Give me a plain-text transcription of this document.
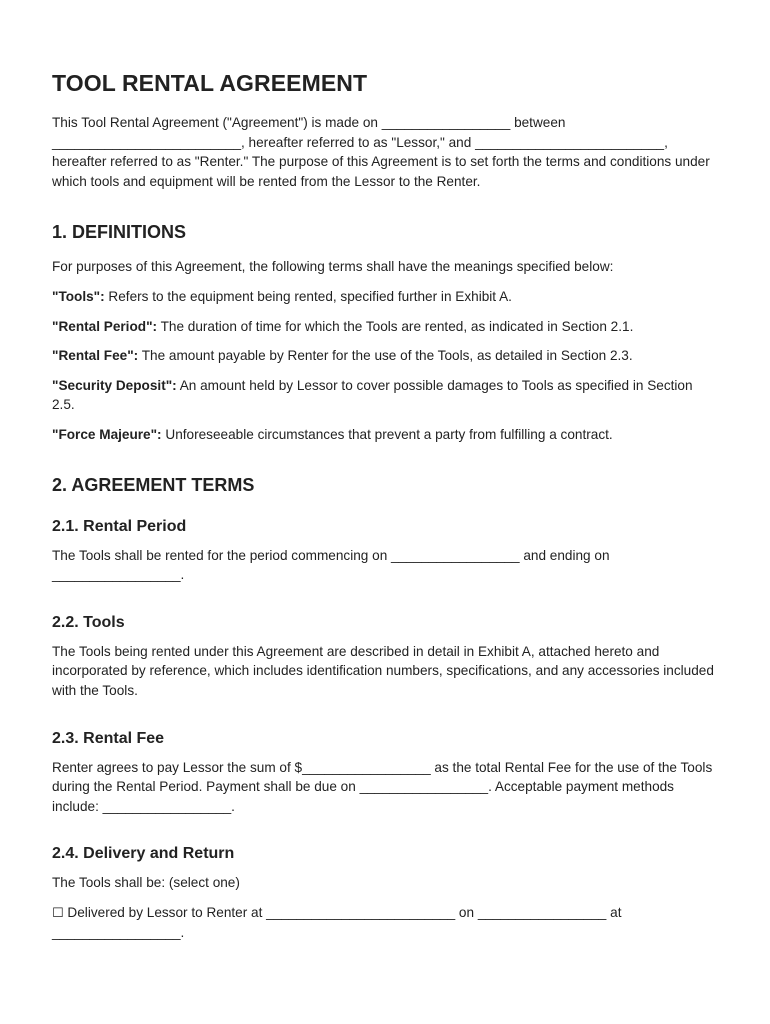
TOOL RENTAL AGREEMENT

This Tool Rental Agreement ("Agreement") is made on _________________ between _________________________, hereafter referred to as "Lessor," and _________________________, hereafter referred to as "Renter." The purpose of this Agreement is to set forth the terms and conditions under which tools and equipment will be rented from the Lessor to the Renter.

1. DEFINITIONS

For purposes of this Agreement, the following terms shall have the meanings specified below:

"Tools": Refers to the equipment being rented, specified further in Exhibit A.

"Rental Period": The duration of time for which the Tools are rented, as indicated in Section 2.1.

"Rental Fee": The amount payable by Renter for the use of the Tools, as detailed in Section 2.3.

"Security Deposit": An amount held by Lessor to cover possible damages to Tools as specified in Section 2.5.

"Force Majeure": Unforeseeable circumstances that prevent a party from fulfilling a contract.

2. AGREEMENT TERMS
2.1. Rental Period

The Tools shall be rented for the period commencing on _________________ and ending on _________________.

2.2. Tools

The Tools being rented under this Agreement are described in detail in Exhibit A, attached hereto and incorporated by reference, which includes identification numbers, specifications, and any accessories included with the Tools.

2.3. Rental Fee

Renter agrees to pay Lessor the sum of $_________________ as the total Rental Fee for the use of the Tools during the Rental Period. Payment shall be due on _________________. Acceptable payment methods include: _________________.

2.4. Delivery and Return

The Tools shall be: (select one)

☐ Delivered by Lessor to Renter at _________________________ on _________________ at _________________.
